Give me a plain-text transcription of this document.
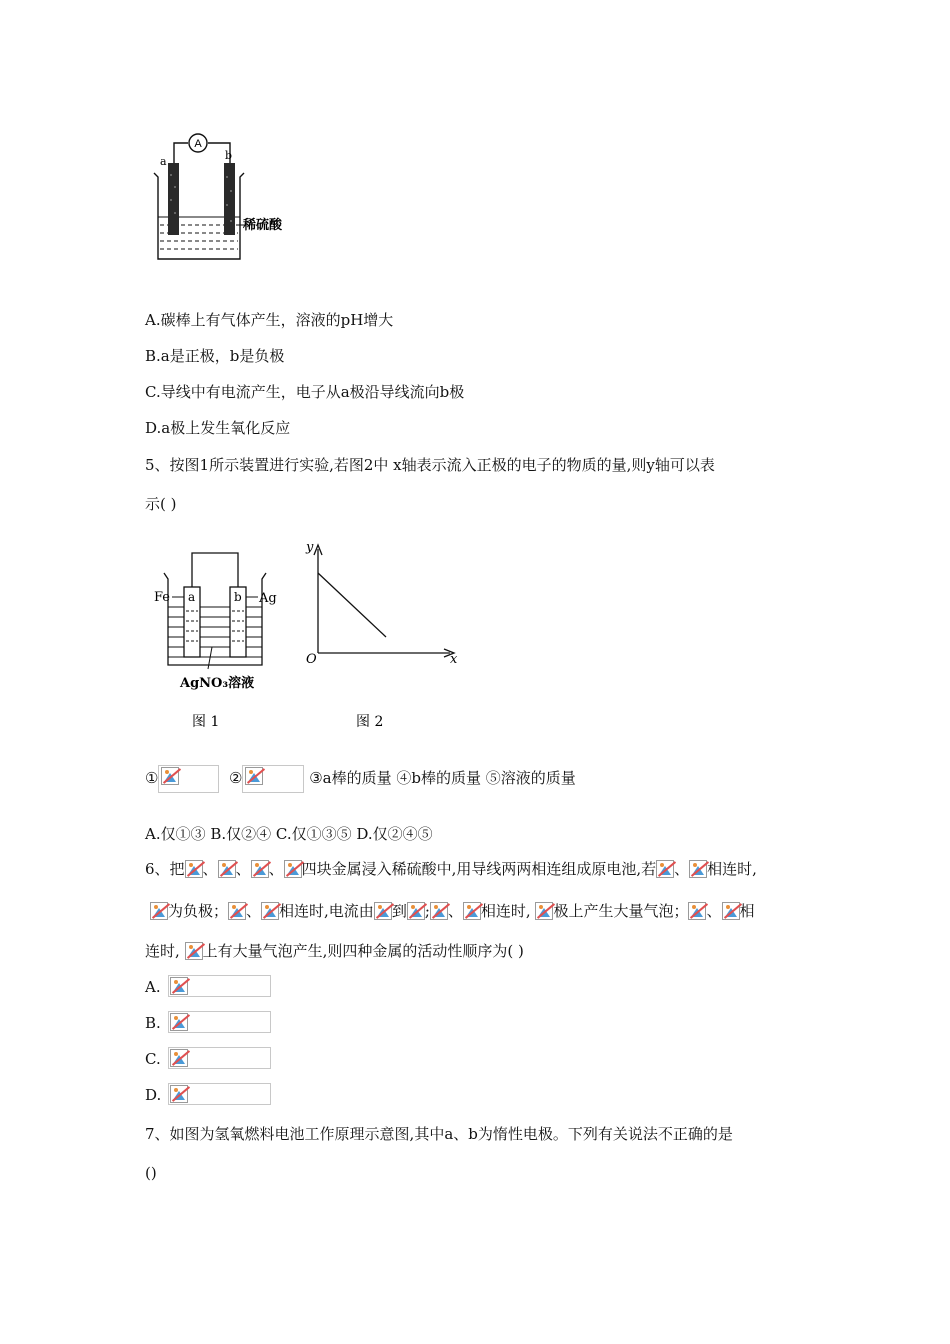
A
a	b
稀硫酸
A.碳棒上有气体产生，溶液的pH增大
B.a是正极，b是负极
C.导线中有电流产生，电子从a极沿导线流向b极
D.a极上发生氧化反应
5、按图1所示装置进行实验,若图2中 x轴表示流入正极的电子的物质的量,则y轴可以表
示( )
a	b
Fe	Ag
AgNO₃溶液
图 1
y
x
O
图 2
①	②	③a棒的质量 ④b棒的质量 ⑤溶液的质量
A.仅①③ B.仅②④ C.仅①③⑤ D.仅②④⑤
6、把 、 、 、 四块金属浸入稀硫酸中,用导线两两相连组成原电池,若 、 相连时,
为负极； 、 相连时,电流由 到 ; 、 相连时, 极上产生大量气泡； 、 相
连时, 上有大量气泡产生,则四种金属的活动性顺序为( )
A.
B.
C.
D.
7、如图为氢氧燃料电池工作原理示意图,其中a、b为惰性电极。下列有关说法不正确的是
()
